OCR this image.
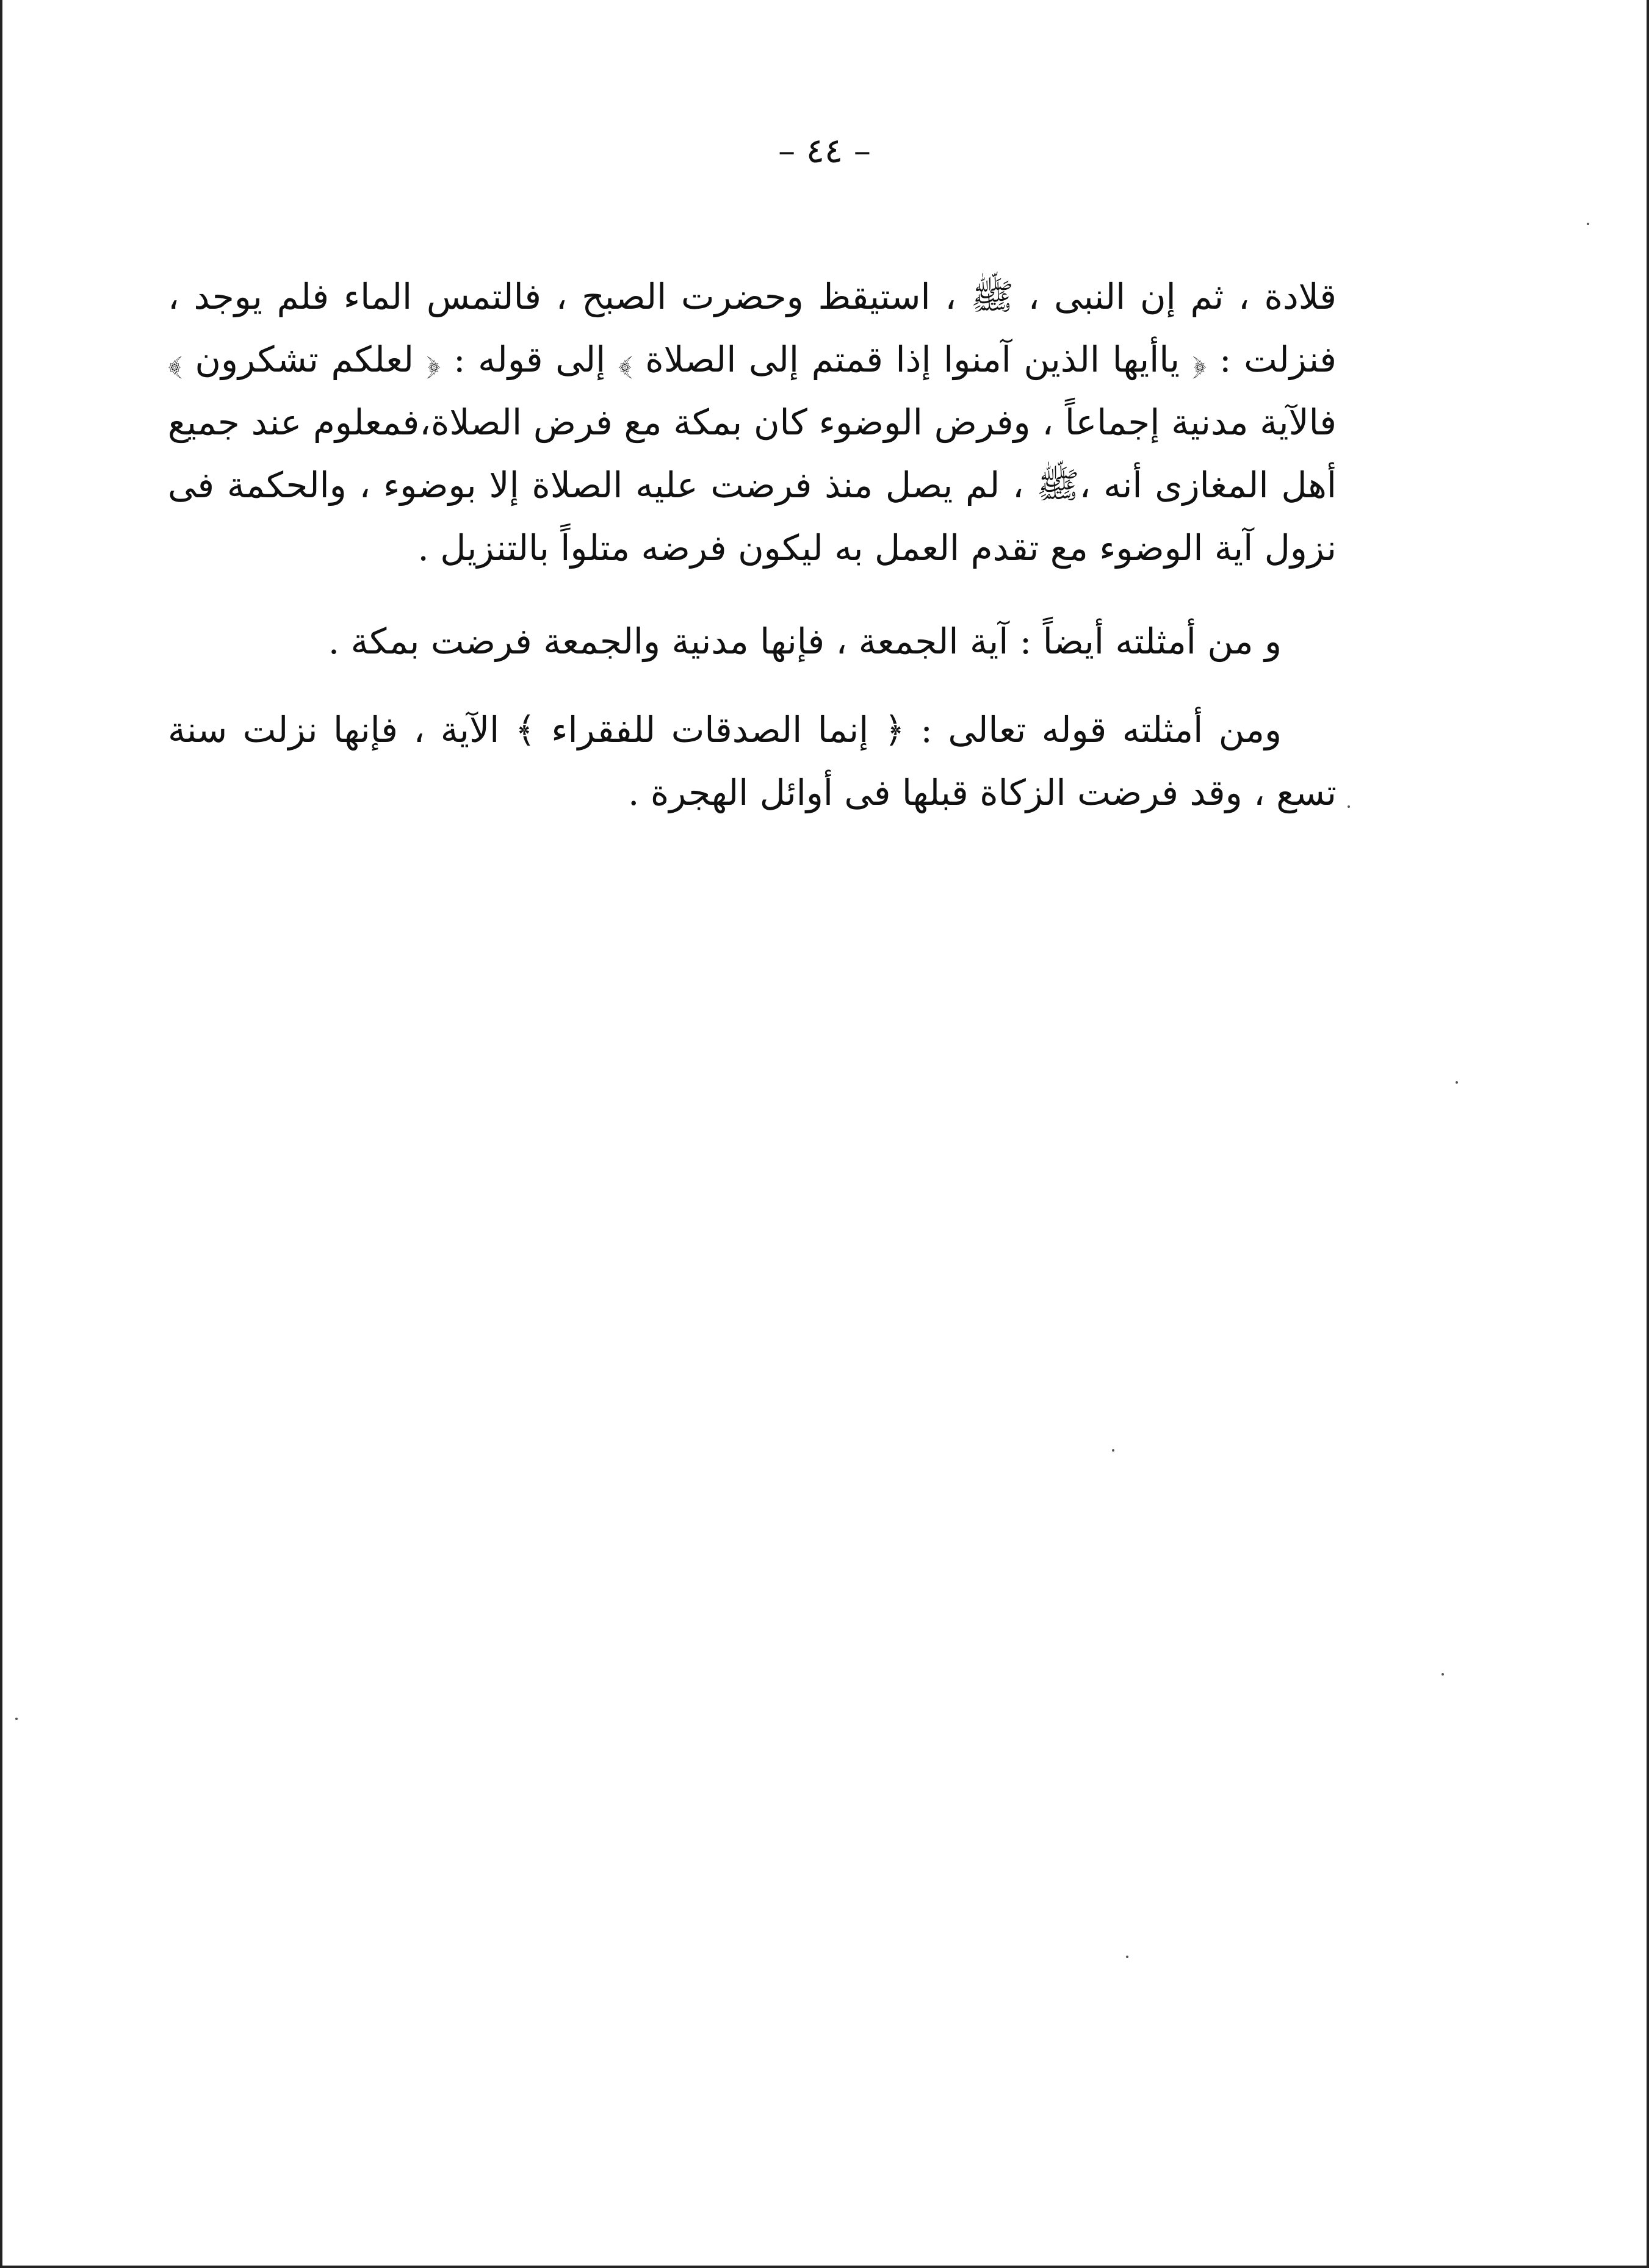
– ٤٤ –

قلادة ، ثم إن النبى ، ﷺ ، استيقظ وحضرت الصبح ، فالتمس الماء فلم يوجد ، فنزلت : ﴿ ياأيها الذين آمنوا إذا قمتم إلى الصلاة ﴾ إلى قوله : ﴿ لعلكم تشكرون ﴾ فالآية مدنية إجماعاً ، وفرض الوضوء كان بمكة مع فرض الصلاة،فمعلوم عند جميع أهل المغازى أنه ،ﷺ ، لم يصل منذ فرضت عليه الصلاة إلا بوضوء ، والحكمة فى نزول آية الوضوء مع تقدم العمل به ليكون فرضه متلواً بالتنزيل .

و من أمثلته أيضاً : آية الجمعة ، فإنها مدنية والجمعة فرضت بمكة .

ومن أمثلته قوله تعالى : ﴿ إنما الصدقات للفقراء ﴾ الآية ، فإنها نزلت سنة تسع ، وقد فرضت الزكاة قبلها فى أوائل الهجرة .
